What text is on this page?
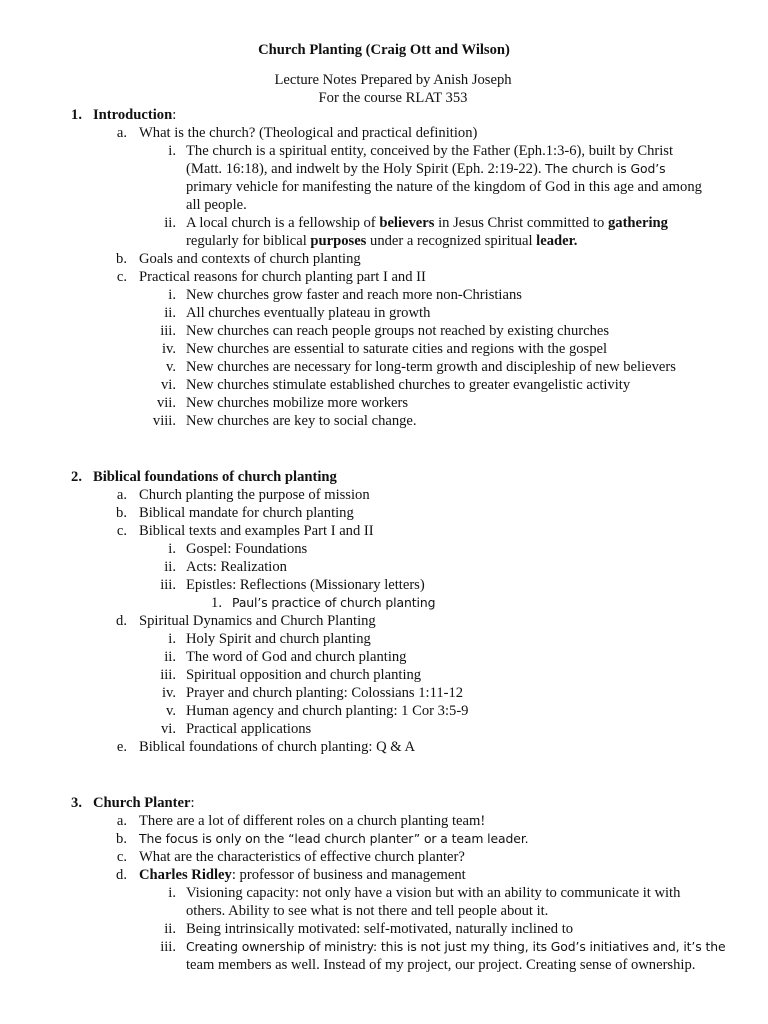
Church Planting (Craig Ott and Wilson)
Lecture Notes Prepared by Anish Joseph
For the course RLAT 353
1. Introduction:
a. What is the church? (Theological and practical definition)
i. The church is a spiritual entity, conceived by the Father (Eph.1:3-6), built by Christ
(Matt. 16:18), and indwelt by the Holy Spirit (Eph. 2:19-22). The church is God’s
primary vehicle for manifesting the nature of the kingdom of God in this age and among
all people.
ii. A local church is a fellowship of believers in Jesus Christ committed to gathering
regularly for biblical purposes under a recognized spiritual leader.
b. Goals and contexts of church planting
c. Practical reasons for church planting part I and II
i. New churches grow faster and reach more non-Christians
ii. All churches eventually plateau in growth
iii. New churches can reach people groups not reached by existing churches
iv. New churches are essential to saturate cities and regions with the gospel
v. New churches are necessary for long-term growth and discipleship of new believers
vi. New churches stimulate established churches to greater evangelistic activity
vii. New churches mobilize more workers
viii. New churches are key to social change.
2. Biblical foundations of church planting
a. Church planting the purpose of mission
b. Biblical mandate for church planting
c. Biblical texts and examples Part I and II
i. Gospel: Foundations
ii. Acts: Realization
iii. Epistles: Reflections (Missionary letters)
1. Paul’s practice of church planting
d. Spiritual Dynamics and Church Planting
i. Holy Spirit and church planting
ii. The word of God and church planting
iii. Spiritual opposition and church planting
iv. Prayer and church planting: Colossians 1:11-12
v. Human agency and church planting: 1 Cor 3:5-9
vi. Practical applications
e. Biblical foundations of church planting: Q & A
3. Church Planter:
a. There are a lot of different roles on a church planting team!
b. The focus is only on the “lead church planter” or a team leader.
c. What are the characteristics of effective church planter?
d. Charles Ridley: professor of business and management
i. Visioning capacity: not only have a vision but with an ability to communicate it with
others. Ability to see what is not there and tell people about it.
ii. Being intrinsically motivated: self-motivated, naturally inclined to
iii. Creating ownership of ministry: this is not just my thing, its God’s initiatives and, it’s the
team members as well. Instead of my project, our project. Creating sense of ownership.
